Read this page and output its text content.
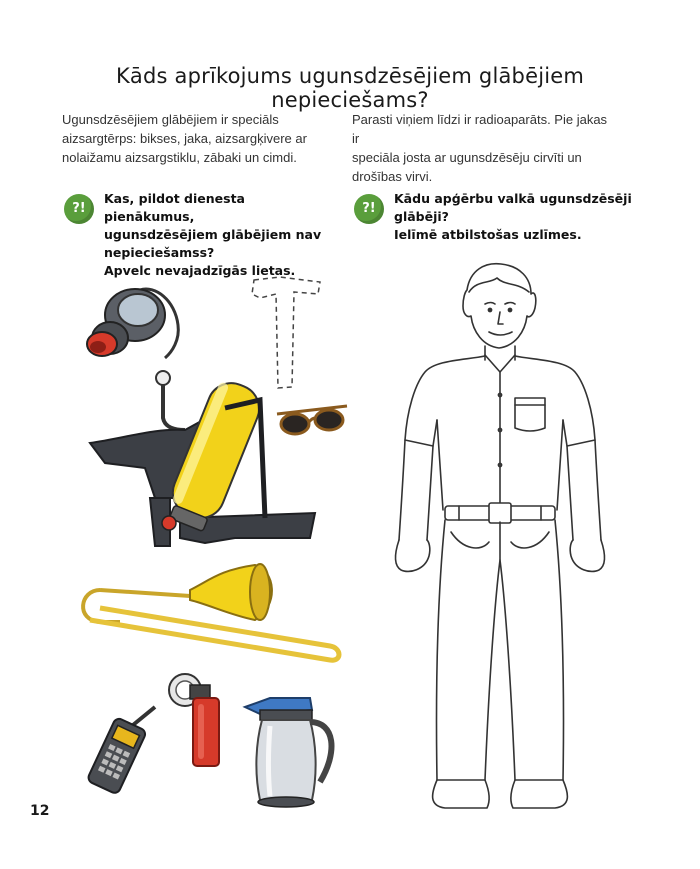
Kāds aprīkojums ugunsdzēsējiem glābējiem nepieciešams?
Ugunsdzēsējiem glābējiem ir speciāls
aizsargtērps: bikses, jaka, aizsargķivere ar
nolaižamu aizsargstiklu, zābaki un cimdi.
Parasti viņiem līdzi ir radioaparāts. Pie jakas ir
speciāla josta ar ugunsdzēsēju cirvīti un
drošības virvi.
?!
Kas, pildot dienesta pienākumus,
ugunsdzēsējiem glābējiem nav
nepieciešamss?
Apvelc nevajadzīgās lietas.
?!
Kādu apģērbu valkā ugunsdzēsēji
glābēji?
Ielīmē atbilstošas uzlīmes.
12
